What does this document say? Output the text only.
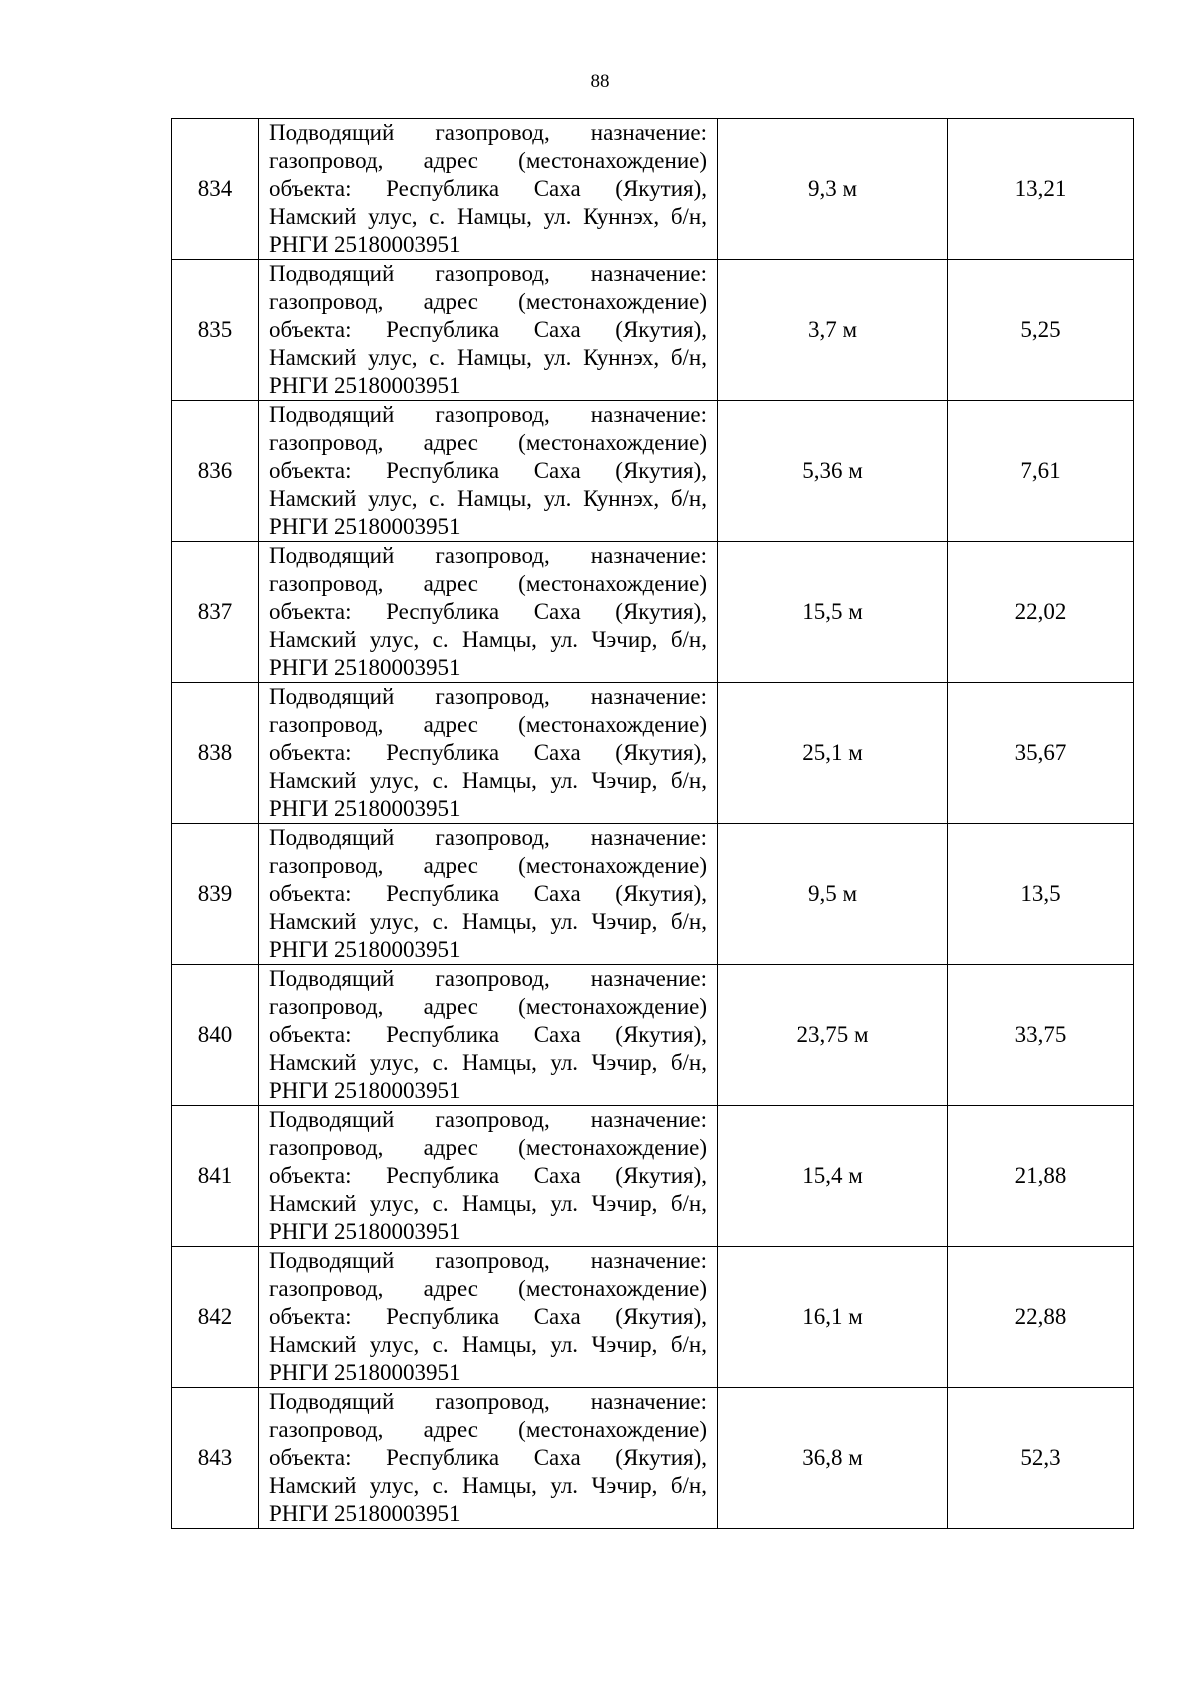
88
834	Подводящий газопровод, назначение:
газопровод, адрес (местонахождение)
объекта: Республика Саха (Якутия),
Намский улус, с. Намцы, ул. Куннэх, б/н,
РНГИ 25180003951	9,3 м	13,21
835	Подводящий газопровод, назначение:
газопровод, адрес (местонахождение)
объекта: Республика Саха (Якутия),
Намский улус, с. Намцы, ул. Куннэх, б/н,
РНГИ 25180003951	3,7 м	5,25
836	Подводящий газопровод, назначение:
газопровод, адрес (местонахождение)
объекта: Республика Саха (Якутия),
Намский улус, с. Намцы, ул. Куннэх, б/н,
РНГИ 25180003951	5,36 м	7,61
837	Подводящий газопровод, назначение:
газопровод, адрес (местонахождение)
объекта: Республика Саха (Якутия),
Намский улус, с. Намцы, ул. Чэчир, б/н,
РНГИ 25180003951	15,5 м	22,02
838	Подводящий газопровод, назначение:
газопровод, адрес (местонахождение)
объекта: Республика Саха (Якутия),
Намский улус, с. Намцы, ул. Чэчир, б/н,
РНГИ 25180003951	25,1 м	35,67
839	Подводящий газопровод, назначение:
газопровод, адрес (местонахождение)
объекта: Республика Саха (Якутия),
Намский улус, с. Намцы, ул. Чэчир, б/н,
РНГИ 25180003951	9,5 м	13,5
840	Подводящий газопровод, назначение:
газопровод, адрес (местонахождение)
объекта: Республика Саха (Якутия),
Намский улус, с. Намцы, ул. Чэчир, б/н,
РНГИ 25180003951	23,75 м	33,75
841	Подводящий газопровод, назначение:
газопровод, адрес (местонахождение)
объекта: Республика Саха (Якутия),
Намский улус, с. Намцы, ул. Чэчир, б/н,
РНГИ 25180003951	15,4 м	21,88
842	Подводящий газопровод, назначение:
газопровод, адрес (местонахождение)
объекта: Республика Саха (Якутия),
Намский улус, с. Намцы, ул. Чэчир, б/н,
РНГИ 25180003951	16,1 м	22,88
843	Подводящий газопровод, назначение:
газопровод, адрес (местонахождение)
объекта: Республика Саха (Якутия),
Намский улус, с. Намцы, ул. Чэчир, б/н,
РНГИ 25180003951	36,8 м	52,3
